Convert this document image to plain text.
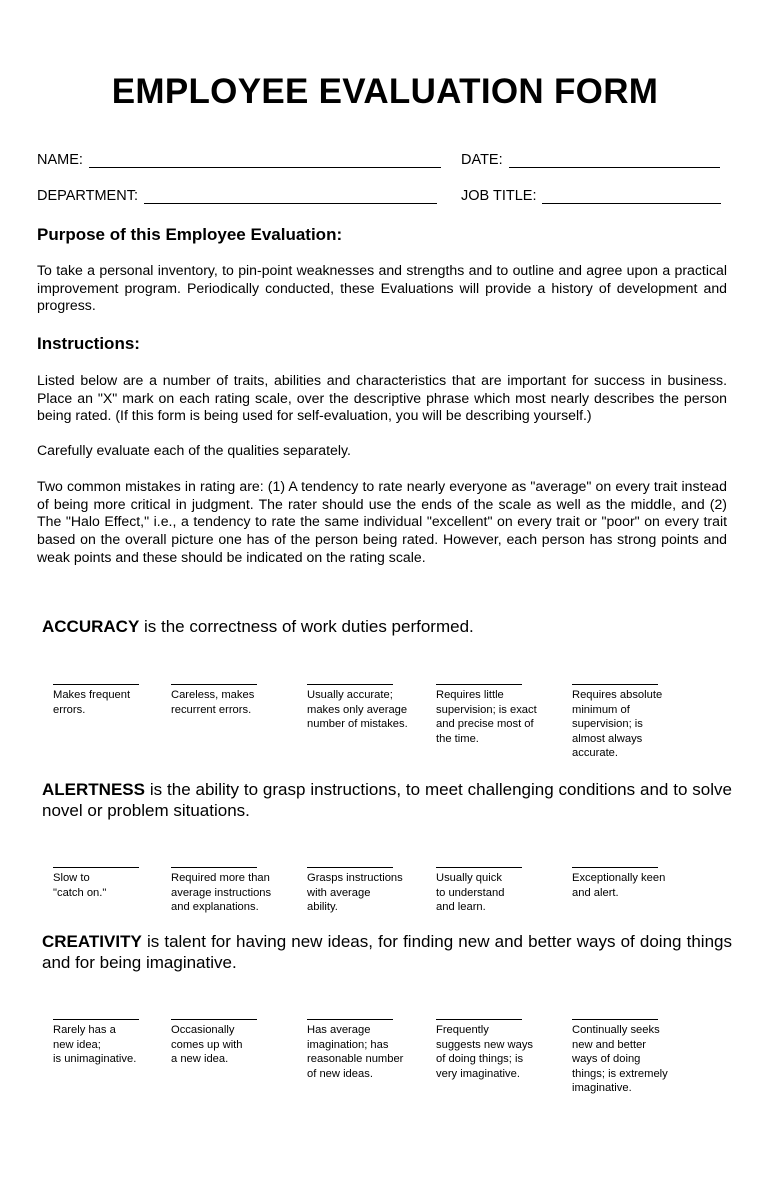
EMPLOYEE EVALUATION FORM
NAME:	DATE:
DEPARTMENT:	JOB TITLE:
Purpose of this Employee Evaluation:

To take a personal inventory, to pin-point weaknesses and strengths and to outline and agree upon a practical improvement program. Periodically conducted, these Evaluations will provide a history of development and progress.

Instructions:

Listed below are a number of traits, abilities and characteristics that are important for success in business. Place an "X" mark on each rating scale, over the descriptive phrase which most nearly describes the person being rated. (If this form is being used for self-evaluation, you will be describing yourself.)

Carefully evaluate each of the qualities separately.

Two common mistakes in rating are: (1) A tendency to rate nearly everyone as "average" on every trait instead of being more critical in judgment. The rater should use the ends of the scale as well as the middle, and (2) The "Halo Effect," i.e., a tendency to rate the same individual "excellent" on every trait or "poor" on every trait based on the overall picture one has of the person being rated. However, each person has strong points and weak points and these should be indicated on the rating scale.

ACCURACY is the correctness of work duties performed.

Makes frequent
errors.
Careless, makes
recurrent errors.
Usually accurate;
makes only average
number of mistakes.
Requires little
supervision; is exact
and precise most of
the time.
Requires absolute
minimum of
supervision; is
almost always
accurate.

ALERTNESS is the ability to grasp instructions, to meet challenging conditions and to solve novel or problem situations.

Slow to
"catch on."
Required more than
average instructions
and explanations.
Grasps instructions
with average
ability.
Usually quick
to understand
and learn.
Exceptionally keen
and alert.

CREATIVITY is talent for having new ideas, for finding new and better ways of doing things and for being imaginative.

Rarely has a
new idea;
is unimaginative.
Occasionally
comes up with
a new idea.
Has average
imagination; has
reasonable number
of new ideas.
Frequently
suggests new ways
of doing things; is
very imaginative.
Continually seeks
new and better
ways of doing
things; is extremely
imaginative.
